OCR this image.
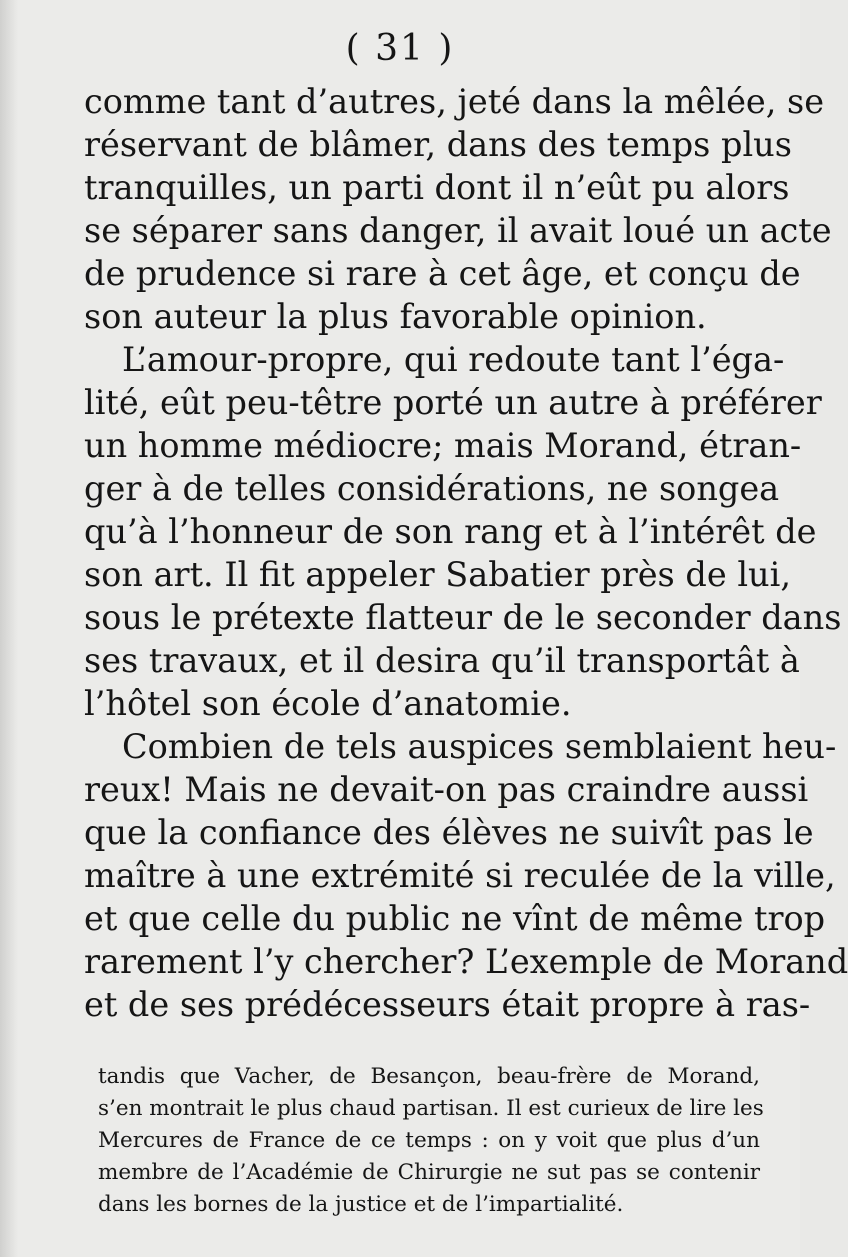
( 31 )
comme tant d’autres, jeté dans la mêlée, se
réservant de blâmer, dans des temps plus
tranquilles, un parti dont il n’eût pu alors
se séparer sans danger, il avait loué un acte
de prudence si rare à cet âge, et conçu de
son auteur la plus favorable opinion.
L’amour-propre, qui redoute tant l’éga-
lité, eût peu-têtre porté un autre à préférer
un homme médiocre; mais Morand, étran-
ger à de telles considérations, ne songea
qu’à l’honneur de son rang et à l’intérêt de
son art. Il fit appeler Sabatier près de lui,
sous le prétexte flatteur de le seconder dans
ses travaux, et il desira qu’il transportât à
l’hôtel son école d’anatomie.
Combien de tels auspices semblaient heu-
reux! Mais ne devait-on pas craindre aussi
que la confiance des élèves ne suivît pas le
maître à une extrémité si reculée de la ville,
et que celle du public ne vînt de même trop
rarement l’y chercher? L’exemple de Morand
et de ses prédécesseurs était propre à ras-
tandis que Vacher, de Besançon, beau-frère de Morand,
s’en montrait le plus chaud partisan. Il est curieux de lire les
Mercures de France de ce temps : on y voit que plus d’un
membre de l’Académie de Chirurgie ne sut pas se contenir
dans les bornes de la justice et de l’impartialité.
